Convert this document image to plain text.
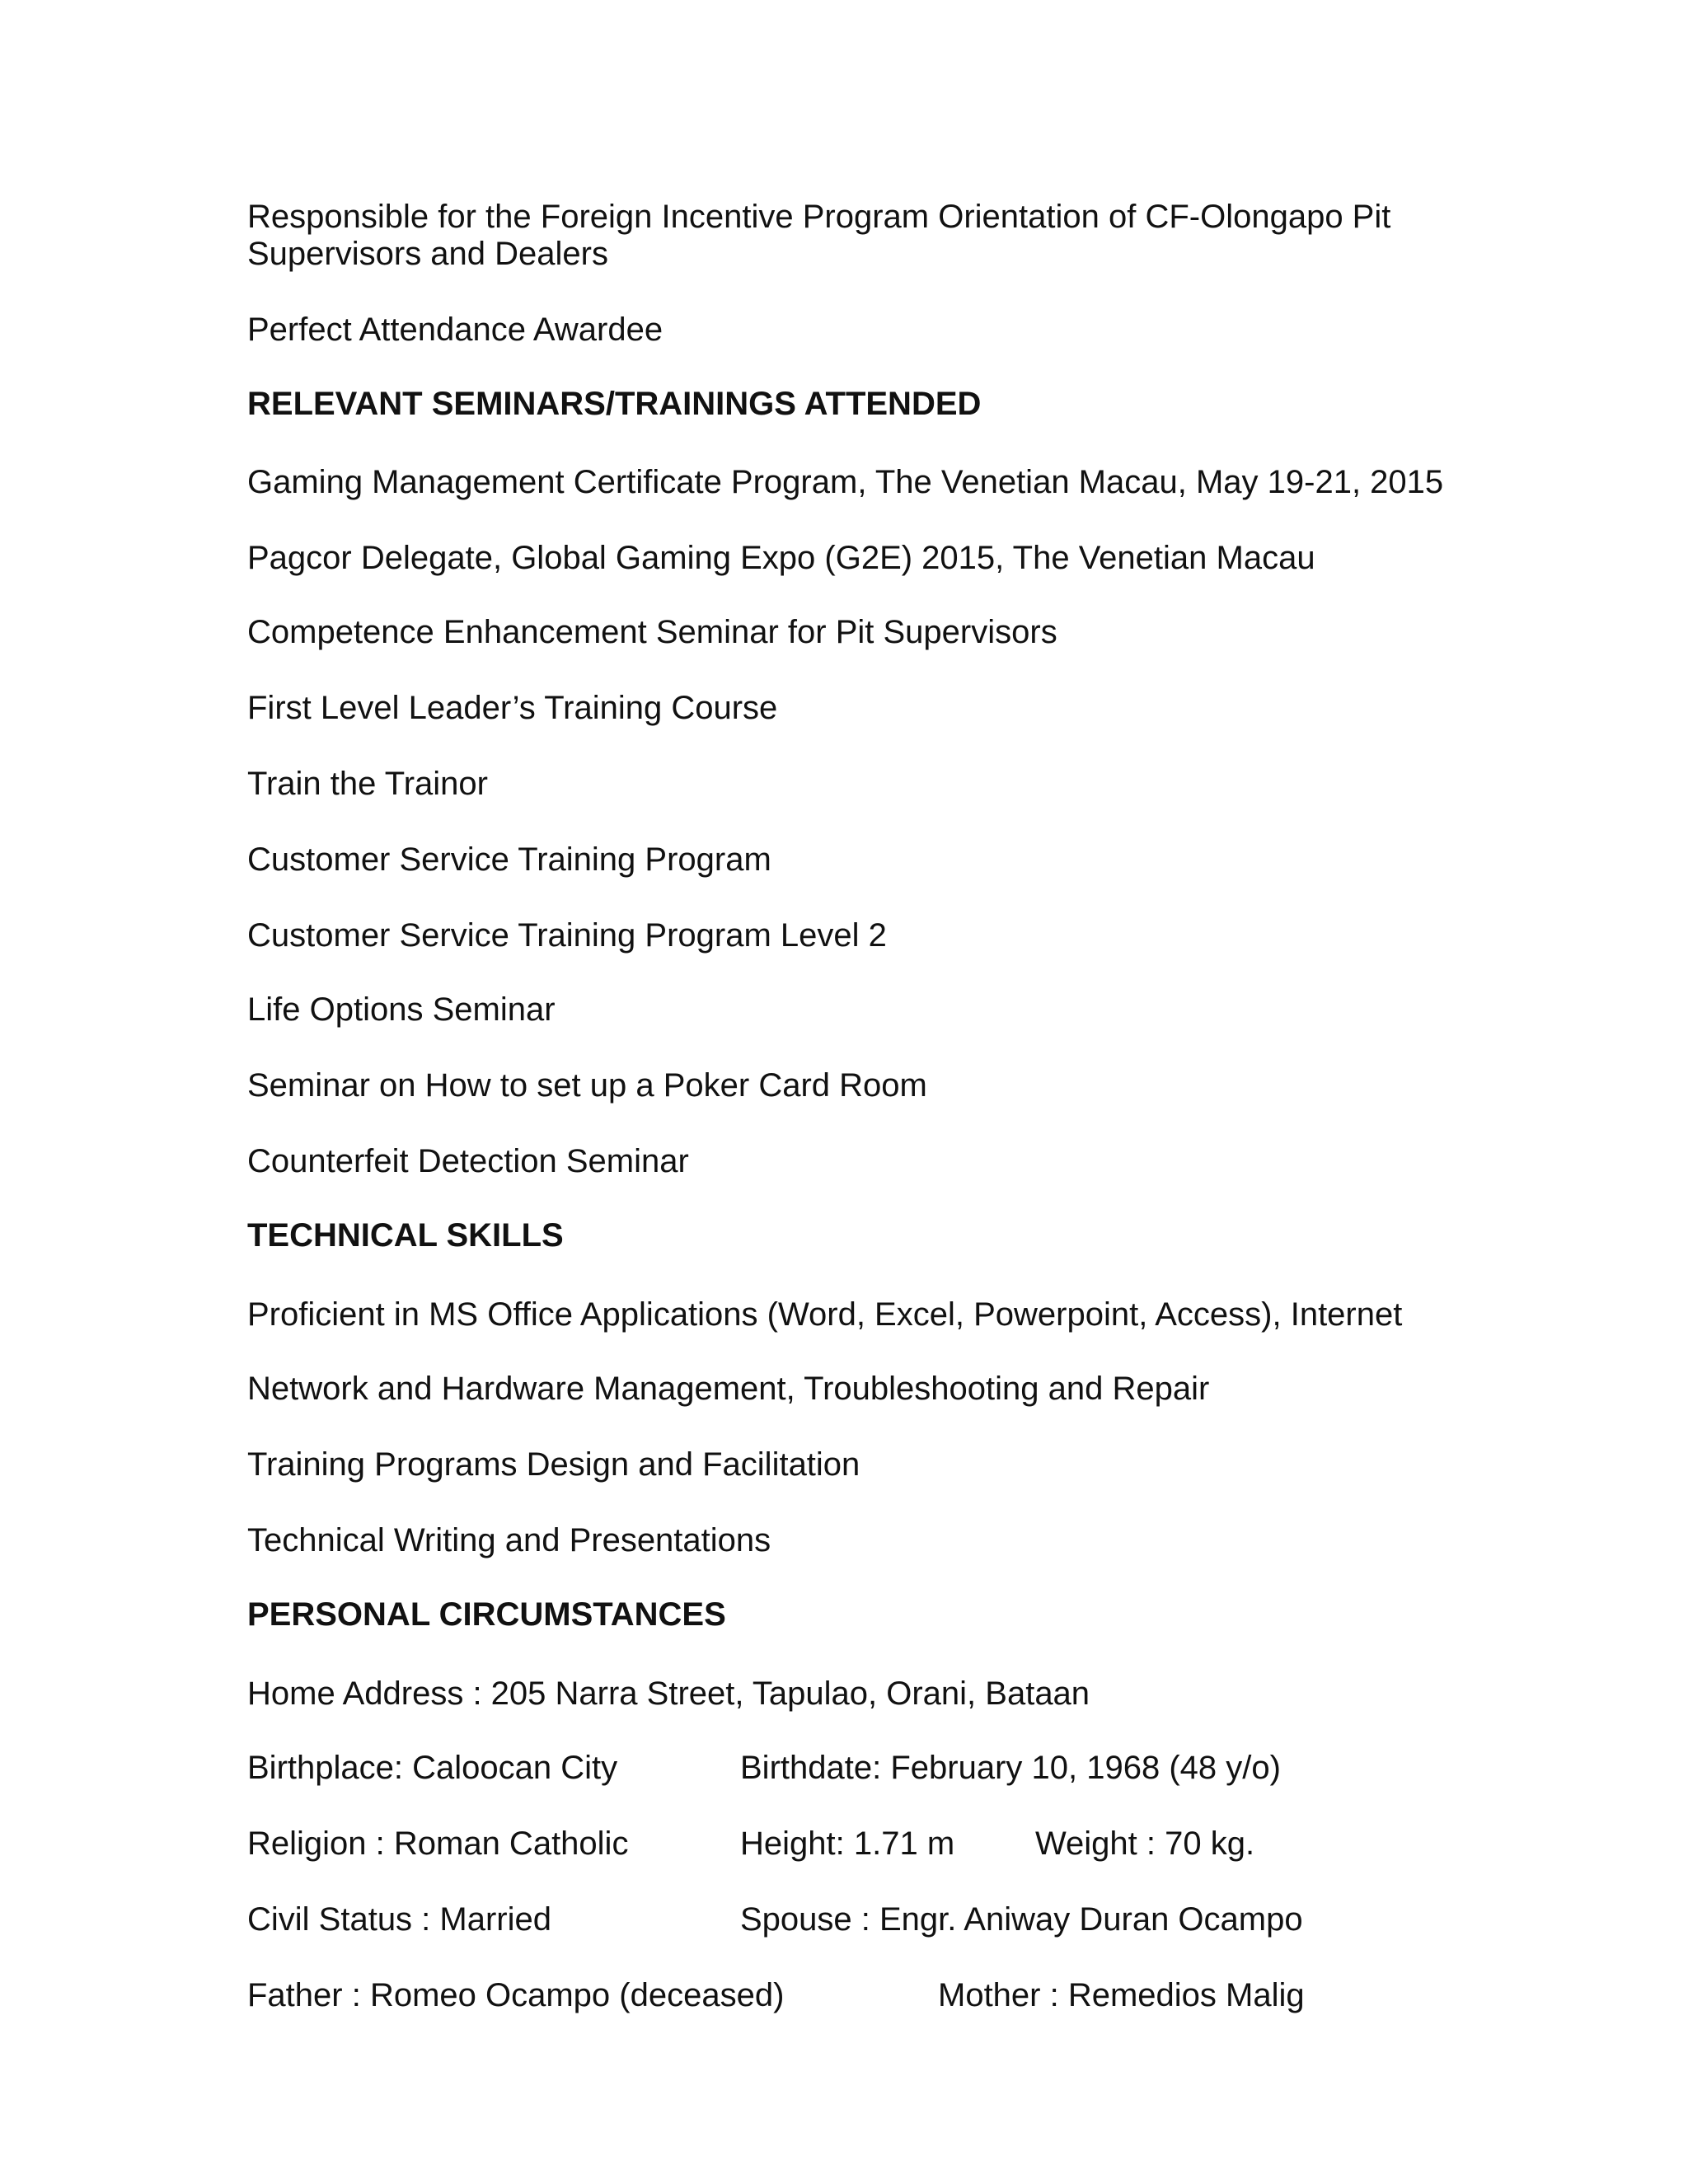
Responsible for the Foreign Incentive Program Orientation of CF-Olongapo Pit
Supervisors and Dealers
Perfect Attendance Awardee
RELEVANT SEMINARS/TRAININGS ATTENDED
Gaming Management Certificate Program, The Venetian Macau, May 19-21, 2015
Pagcor Delegate, Global Gaming Expo (G2E) 2015, The Venetian Macau
Competence Enhancement Seminar for Pit Supervisors
First Level Leader’s Training Course
Train the Trainor
Customer Service Training Program
Customer Service Training Program Level 2
Life Options Seminar
Seminar on How to set up a Poker Card Room
Counterfeit Detection Seminar
TECHNICAL SKILLS
Proficient in MS Office Applications (Word, Excel, Powerpoint, Access), Internet
Network and Hardware Management, Troubleshooting and Repair
Training Programs Design and Facilitation
Technical Writing and Presentations
PERSONAL CIRCUMSTANCES
Home Address : 205 Narra Street, Tapulao, Orani, Bataan
Birthplace: Caloocan City	Birthdate: February 10, 1968 (48 y/o)
Religion : Roman Catholic	Height: 1.71 m Weight : 70 kg.
Civil Status : Married	Spouse : Engr. Aniway Duran Ocampo
Father : Romeo Ocampo (deceased)	Mother : Remedios Malig
